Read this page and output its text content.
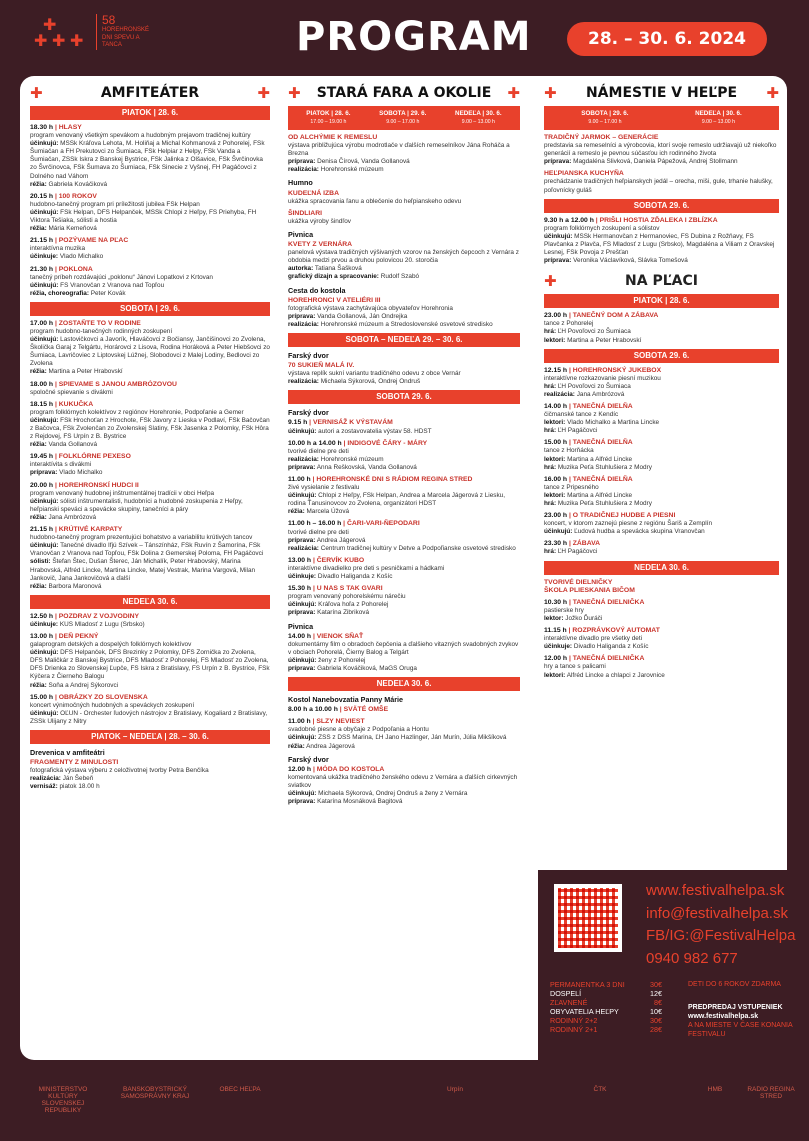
✚ ✚ ✚
✚	58
HOREHRONSKÉ DNI SPEVU A TANCA	PROGRAM	28. – 30. 6. 2024
✚	AMFITEÁTER	✚
PIATOK | 28. 6.
18.30 h | HLASY

program venovaný všetkým spevákom a hudobným prejavom tradičnej kultúry

účinkujú: MSSk Kráľova Lehota, M. Holiňaj a Michal Kohmanová z Pohorelej, FSk Šumiačan a FH Prekutovci zo Šumiaca, FSk Helpiar z Helpy, FSk Vanda a Šumiačan, ZSSk Iskra z Banskej Bystrice, FSk Jalinka z Olšavice, FSk Švrčinovka zo Švrčinovca, FSk Šumava zo Šumiaca, FSk Sinecie z Vyšnej, FH Pagáčovci z Dolného nad Váhom

réžia: Gabriela Kováčiková

20.15 h | 100 ROKOV

hudobno-tanečný program pri príležitosti jubilea FSk Helpan

účinkujú: FSk Helpan, DFS Helpanček, MSSk Chlopi z Heľpy, FS Priehyba, FH Viktora Tešiaka, sólisti a hostia

réžia: Mária Kemeňová

21.15 h | POZÝVAME NA PĽAC

interaktívna muzika

účinkuje: Vlado Michalko

21.30 h | POKLONA

tanečný príbeh rozdávajúci „poklonu“ Jánovi Lopatkovi z Krtovan

účinkujú: FS Vranovčan z Vranova nad Topľou

réžia, choreografia: Peter Kovák

SOBOTA | 29. 6.
17.00 h | ZOSTAŇTE TO V RODINE

program hudobno-tanečných rodinných zoskupení

účinkujú: Lastovičkovci a Javorík, Hlaváčovci z Bočiansy, Jančišinovci zo Zvolena, Školička Garaj z Telgártu, Horárovci z Lisova, Rodina Horáková a Peter Hiebšovci zo Šumiaca, Lavričoviec z Liptovskej Lúžnej, Slobodovci z Malej Lodiny, Bedlovci zo Zvolena

réžia: Martina a Peter Hrabovskí

18.00 h | SPIEVAME S JANOU AMBRÓZOVOU

spoločné spievanie s divákmi

18.15 h | KUKUČKA

program folklórnych kolektívov z regiónov Horehronie, Podpoľanie a Gemer

účinkujú: FSk Hrochoťan z Hrochote, FSk Javory z Lieska v Podlaví, FSk Bačovčan z Bačovca, FSk Zvolenčan zo Zvolenskej Slatiny, FSk Jasenka z Polomky, FSk Hôra z Rejdovej, FS Urpín z B. Bystrice

réžia: Vanda Gollanová

19.45 h | FOLKLÓRNE PEXESO

interaktívita s divákmi

príprava: Vlado Michalko

20.00 h | HOREHRONSKÍ HUDCI II

program venovaný hudobnej inštrumentálnej tradícii v obci Heľpa

účinkujú: sólisti inštrumentalisti, hudobníci a hudobné zoskupenia z Heľpy, heľpianski speváci a spevácke skupiny, tanečníci a páry

réžia: Jana Ambrózová

21.15 h | KRÚTIVÉ KARPATY

hudobno-tanečný program prezentujúci bohatstvo a variabilitu krútivých tancov

účinkujú: Tanečné divadlo Ifjú Szívek – Tánszínház, FSk Ruvín z Šamorína, FSk Vranovčan z Vranova nad Topľou, FSk Dolina z Gemerskej Poloma, FH Pagáčovci

sólisti: Štefan Štec, Dušan Šterec, Ján Michalík, Peter Hrabovský, Marina Hrabovská, Alfréd Lincke, Martina Lincke, Matej Vestrak, Marina Vargová, Milan Jankovič, Jana Jankovičová a ďalší

réžia: Barbora Maronová

NEDEĽA 30. 6.
12.50 h | POZDRAV Z VOJVODINY

účinkuje: KUS Mladosť z Lugu (Srbsko)

13.00 h | DEŇ PEKNÝ

galaprogram detských a dospelých folklórnych kolektívov

účinkujú: DFS Helpanček, DFS Brezinky z Polomky, DFS Zornička zo Zvolena, DFS Maličkár z Banskej Bystrice, DFS Mladosť z Pohorelej, FS Mladosť zo Zvolena, DFS Drienka zo Slovenskej Ľupče, FS Iskra z Bratislavy, FS Urpín z B. Bystrice, FSk Kýčera z Čierneho Balogu

réžia: Soňa a Andrej Sýkorovci

15.00 h | OBRÁZKY ZO SLOVENSKA

koncert výnimočných hudobných a speváckych zoskupení

účinkujú: OĽUN - Orchester ľudových nástrojov z Bratislavy, Kogaliard z Bratislavy, ZSSk Ulijany z Nitry

PIATOK – NEDEĽA | 28. – 30. 6.
Drevenica v amfiteátri
FRAGMENTY Z MINULOSTI

fotografická výstava výberu z celoživotnej tvorby Petra Benčíka

realizácia: Ján Šebeň

vernisáž: piatok 18.00 h

✚ STARÁ FARA A OKOLIE ✚
PIATOK | 28. 6.
17.00 – 19.00 h
SOBOTA | 29. 6.
9.00 – 17.00 h
NEDEĽA | 30. 6.
9.00 – 13.00 h
OD ALCHÝMIE K REMESLU

výstava približujúca výrobu modrotlače v ďalších remeselníkov Jána Roháča a Brezna

príprava: Denisa Čírová, Vanda Gollanová

realizácia: Horehronské múzeum

Humno
KUDEĽNÁ IZBA

ukážka spracovania ľanu a oblečenie do heľpianskeho odevu

ŠINDLIARI

ukážka výroby šindľov

Pivnica
KVETY Z VERNÁRA

panelová výstava tradičných výšivaných vzorov na ženských čepcoch z Vernára z obdobia medzi prvou a druhou polovicou 20. storočia

autorka: Tatiana Šašková

grafický dizajn a spracovanie: Rudolf Szabó

Cesta do kostola
HOREHRONCI V ATELIÉRI III

fotografická výstava zachytávajúca obyvateľov Horehronia

príprava: Vanda Gollanová, Ján Ondrejka

realizácia: Horehronské múzeum a Stredoslovenské osvetové stredisko

SOBOTA – NEDEĽA 29. – 30. 6.
Farský dvor
70 SUKIEŇ MALÁ IV.

výstava replík sukní variantu tradičného odevu z obce Vernár

realizácia: Michaela Sýkorová, Ondrej Ondruš

SOBOTA 29. 6.
Farský dvor
9.15 h | VERNISÁŽ K VÝSTAVÁM

účinkujú: autori a zostavovatelia výstav 58. HDST

10.00 h a 14.00 h | INDIGOVÉ ČÁRY - MÁRY

tvorivé dielne pre deti

realizácia: Horehronské múzeum

príprava: Anna Reškovská, Vanda Gollanová

11.00 h | HOREHRONSKÉ DNI S RÁDIOM REGINA STRED

živé vysielanie z festivalu

účinkujú: Chlopi z Heľpy, FSk Helpan, Andrea a Marcela Jágerová z Liesku, rodina Ťanusinovcov zo Zvolena, organizátori HDST

réžia: Marcela Úžová

11.00 h – 16.00 h | ČARI-VARI-ŇEPODARI

tvorivé dielne pre deti

príprava: Andrea Jágerová

realizácia: Centrum tradičnej kultúry v Detve a Podpoľianske osvetové stredisko

13.00 h | ČERVÍK KUBO

interaktívne divadielko pre deti s pesničkami a hádkami

účinkuje: Divadlo Haliganda z Košíc

15.30 h | U NAS S TAK GVARI

program venovaný pohorelskému nárečiu

účinkujú: Kráľova hoľa z Pohorelej

príprava: Katarína Zibriková

Pivnica
14.00 h | VIENOK SŇAŤ

dokumentárny film o obradoch čepčenia a ďalšieho vitazných svadobných zvykov v obciach Pohorelá, Čierny Balog a Telgárt

účinkujú: ženy z Pohorelej

príprava: Gabriela Kováčiková, MaGS Oruga

NEDEĽA 30. 6.
Kostol Nanebovzatia Panny Márie
8.00 h a 10.00 h | SVÄTÉ OMŠE
11.00 h | SLZY NEVIEST

svadobné piesne a obyčaje z Podpoľania a Hontu

účinkujú: ZSS z DSS Marina, ĽH Jano Hazlinger, Ján Murín, Júlia Mikšíková

réžia: Andrea Jágerová

Farský dvor
12.00 h | MÓDA DO KOSTOLA

komentovaná ukážka tradičného ženského odevu z Vernára a ďalších cirkevných sviatkov

účinkujú: Michaela Sýkorová, Ondrej Ondruš a ženy z Vernára

príprava: Katarína Mosnáková Bagitová

✚ NÁMESTIE V HEĽPE ✚
SOBOTA | 29. 6.
9.00 – 17.00 h
NEDEĽA | 30. 6.
9.00 – 13.00 h
TRADIČNÝ JARMOK – GENERÁCIE

predstavia sa remeselníci a výrobcovia, ktorí svoje remeslo udržiavajú už niekoľko generácií a remeslo je pevnou súčasťou ich rodinného života

príprava: Magdaléna Slivková, Daniela Pápežová, Andrej Stollmann

HEĽPIANSKA KUCHYŇA

prechádzanie tradičných heľpianskych jedál – orecha, miši, gule, trhanie halušky, poľovnícky guláš

SOBOTA 29. 6.
9.30 h a 12.00 h | PRIŠLI HOSTIA ZĎALEKA I ZBLÍZKA

program folklórnych zoskupení a sólistov

účinkujú: MSSk Hermanovčan z Hermanoviec, FS Dubina z Rožňavy, FS Plavčanka z Plavča, FS Mladosť z Lugu (Srbsko), Magdaléna a Viliam z Oravskej Lesnej, FSk Povoja z Prešťan

príprava: Veronika Václavíková, Slávka Tomešová

✚	NA PĽACI
PIATOK | 28. 6.
23.00 h | TANEČNÝ DOM A ZÁBAVA

tance z Pohorelej

hrá: ĽH Povoľovci zo Šumiaca

lektori: Martina a Peter Hrabovskí

SOBOTA 29. 6.
12.15 h | HOREHRONSKÝ JUKEBOX

interaktívne rozkazovanie piesní muzikou

hrá: ĽH Povoľovci zo Šumiaca

realizácia: Jana Ambrózová

14.00 h | TANEČNÁ DIELŇA

čičmanské tance z Kendíc

lektori: Vlado Michalko a Martina Lincke

hrá: ĽH Pagáčovci

15.00 h | TANEČNÁ DIELŇA

tance z Horňáckа

lektori: Martina a Alfréd Lincke

hrá: Muzika Peťa Stuhlušiera z Modry

16.00 h | TANEČNÁ DIELŇA

tance z Pripesného

lektori: Martina a Alfréd Lincke

hrá: Muzika Peťa Stuhlušiera z Modry

23.00 h | O TRADIČNEJ HUDBE A PIESNI

koncert, v ktorom zaznejú piesne z regiónu Šariš a Zemplín

účinkujú: Ľudová hudba a spevácka skupina Vranovčan

23.30 h | ZÁBAVA

hrá: ĽH Pagáčovci

NEDEĽA 30. 6.
TVORIVÉ DIELNIČKY
ŠKOLA PLIESKANIA BIČOM
10.30 h | TANEČNÁ DIELNIČKA

pastierske hry

lektor: Jožko Ďuráči

11.15 h | ROZPRÁVKOVÝ AUTOMAT

interaktívne divadlo pre všetky deti

účinkuje: Divadlo Haliganda z Košíc

12.00 h | TANEČNÁ DIELNIČKA

hry a tance s palicami

lektori: Alfréd Lincke a chlapci z Jarovnice

www.festivalhelpa.sk
info@festivalhelpa.sk
FB/IG:@FestivalHelpa
0940 982 677
PERMANENTKA 3 DNI	30€
DOSPELÍ	12€
ZĽAVNENÉ	8€
OBYVATELIA HEĽPY	10€
RODINNÝ 2+2	30€
RODINNÝ 2+1	28€
DETI DO 6 ROKOV ZDARMA
PREDPREDAJ VSTUPENIEK
www.festivalhelpa.sk
A NA MIESTE V ČASE KONANIA FESTIVALU
MINISTERSTVO KULTÚRY SLOVENSKEJ REPUBLIKY
BANSKOBYSTRICKÝ SAMOSPRÁVNY KRAJ
OBEC HEĽPA	Urpín	ČTK	HMB	RADIO REGINA STRED
